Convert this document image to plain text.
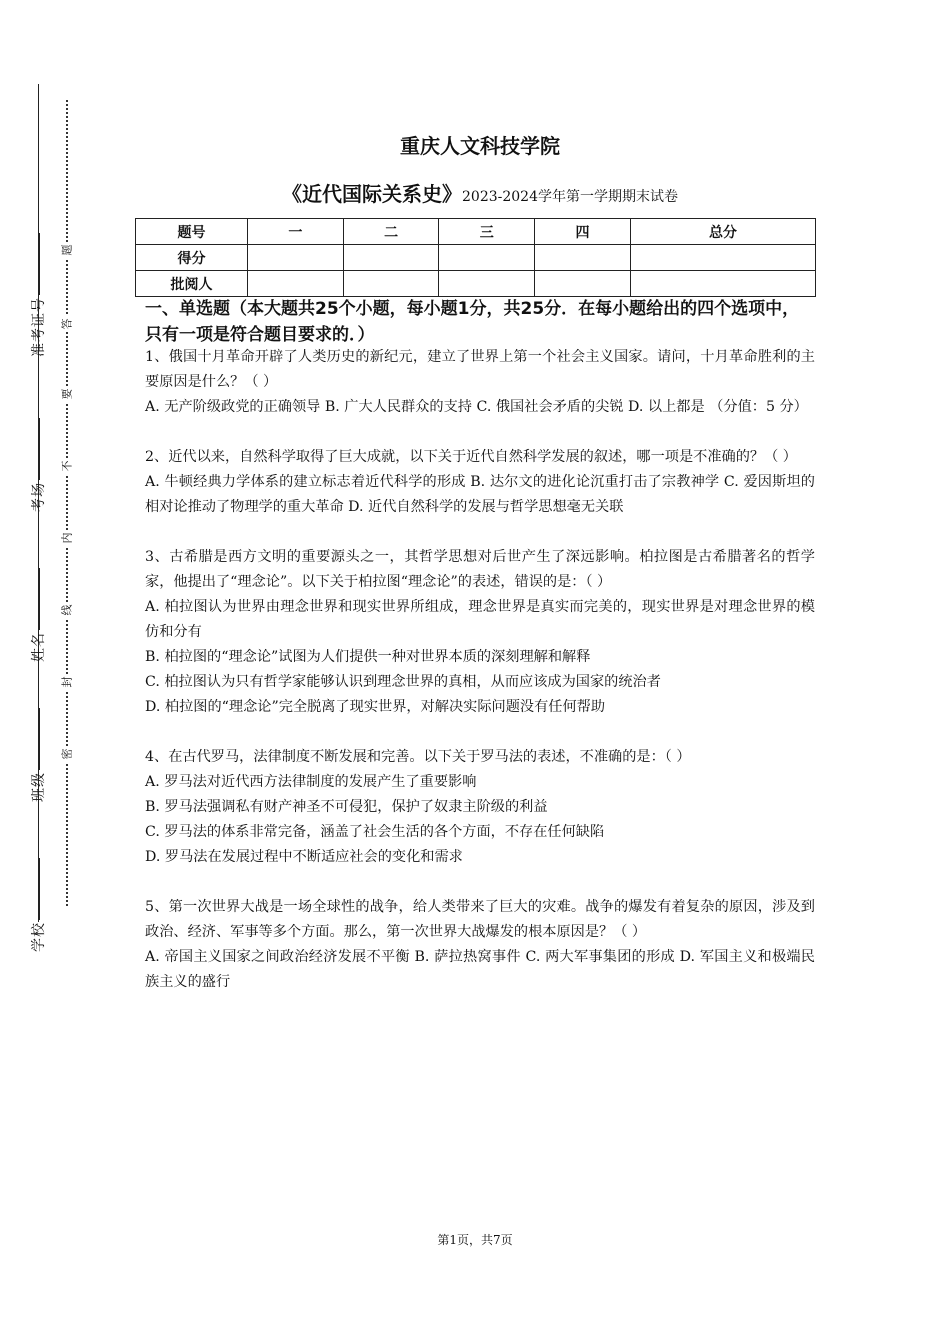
准考证号
考场
姓名
班级
学校
题
答
要
不
内
线
封
密
重庆人文科技学院
《近代国际关系史》2023-2024学年第一学期期末试卷
题号	一	二	三	四	总分
得分					
批阅人					
一、单选题（本大题共25个小题，每小题1分，共25分．在每小题给出的四个选项中，只有一项是符合题目要求的．）

1、俄国十月革命开辟了人类历史的新纪元，建立了世界上第一个社会主义国家。请问，十月革命胜利的主要原因是什么？（ ）

A. 无产阶级政党的正确领导 B. 广大人民群众的支持 C. 俄国社会矛盾的尖锐 D. 以上都是 （分值：5 分）

2、近代以来，自然科学取得了巨大成就，以下关于近代自然科学发展的叙述，哪一项是不准确的？（ ）

A. 牛顿经典力学体系的建立标志着近代科学的形成 B. 达尔文的进化论沉重打击了宗教神学 C. 爱因斯坦的相对论推动了物理学的重大革命 D. 近代自然科学的发展与哲学思想毫无关联

3、古希腊是西方文明的重要源头之一，其哲学思想对后世产生了深远影响。柏拉图是古希腊著名的哲学家，他提出了“理念论”。以下关于柏拉图“理念论”的表述，错误的是：（ ）

A. 柏拉图认为世界由理念世界和现实世界所组成，理念世界是真实而完美的，现实世界是对理念世界的模仿和分有

B. 柏拉图的“理念论”试图为人们提供一种对世界本质的深刻理解和解释

C. 柏拉图认为只有哲学家能够认识到理念世界的真相，从而应该成为国家的统治者

D. 柏拉图的“理念论”完全脱离了现实世界，对解决实际问题没有任何帮助

4、在古代罗马，法律制度不断发展和完善。以下关于罗马法的表述，不准确的是：（ ）

A. 罗马法对近代西方法律制度的发展产生了重要影响

B. 罗马法强调私有财产神圣不可侵犯，保护了奴隶主阶级的利益

C. 罗马法的体系非常完备，涵盖了社会生活的各个方面，不存在任何缺陷

D. 罗马法在发展过程中不断适应社会的变化和需求

5、第一次世界大战是一场全球性的战争，给人类带来了巨大的灾难。战争的爆发有着复杂的原因，涉及到政治、经济、军事等多个方面。那么，第一次世界大战爆发的根本原因是？（ ）

A. 帝国主义国家之间政治经济发展不平衡 B. 萨拉热窝事件 C. 两大军事集团的形成 D. 军国主义和极端民族主义的盛行

第1页，共7页
